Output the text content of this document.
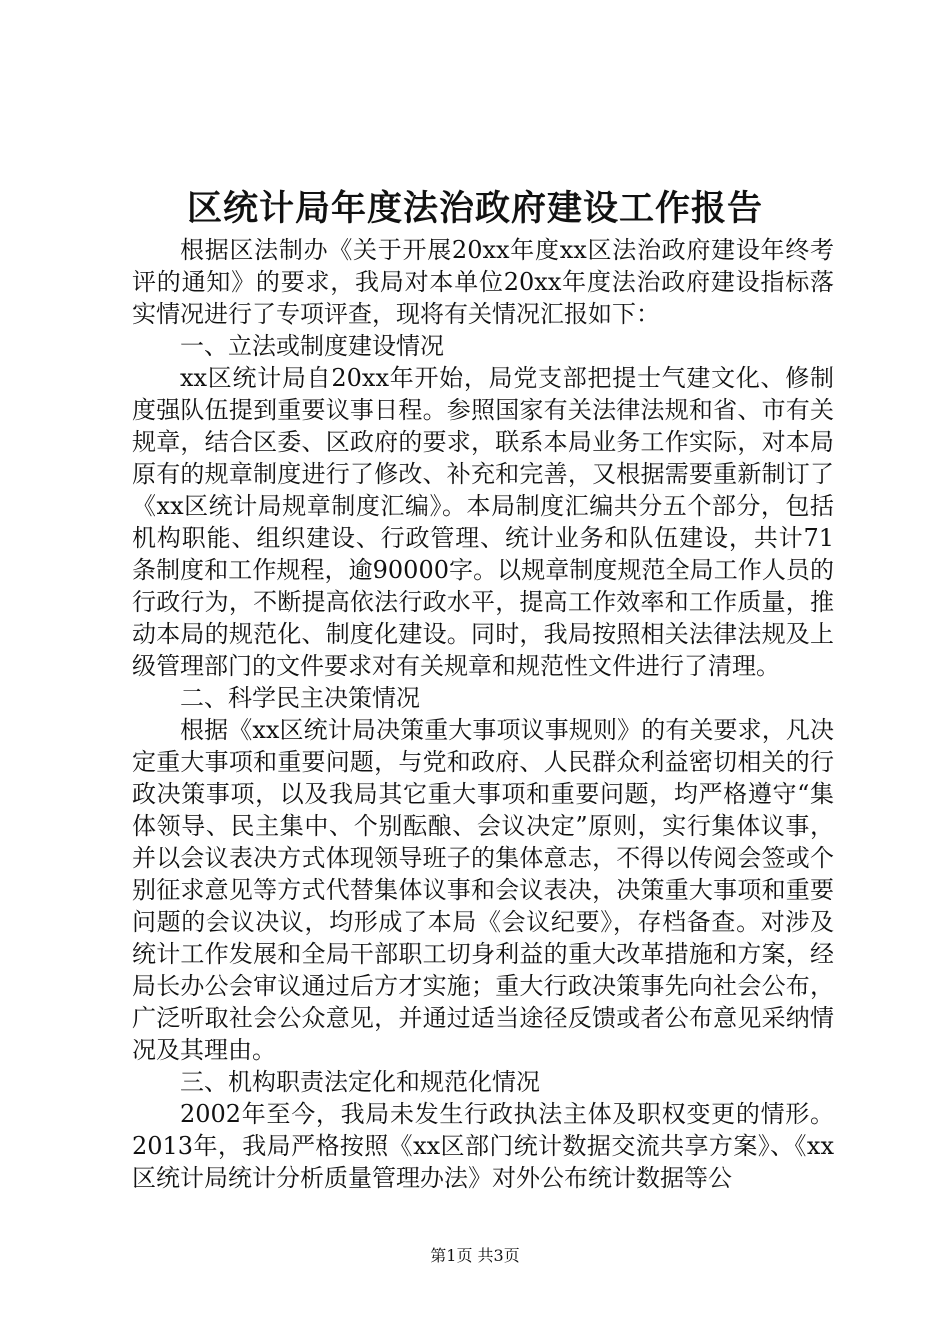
区统计局年度法治政府建设工作报告

根据区法制办《关于开展20xx年度xx区法治政府建设年终考评的通知》的要求，我局对本单位20xx年度法治政府建设指标落实情况进行了专项评查，现将有关情况汇报如下：

一、立法或制度建设情况

xx区统计局自20xx年开始，局党支部把提士气建文化、修制度强队伍提到重要议事日程。参照国家有关法律法规和省、市有关规章，结合区委、区政府的要求，联系本局业务工作实际，对本局原有的规章制度进行了修改、补充和完善，又根据需要重新制订了《xx区统计局规章制度汇编》。本局制度汇编共分五个部分，包括机构职能、组织建设、行政管理、统计业务和队伍建设，共计71条制度和工作规程，逾90000字。以规章制度规范全局工作人员的行政行为，不断提高依法行政水平，提高工作效率和工作质量，推动本局的规范化、制度化建设。同时，我局按照相关法律法规及上级管理部门的文件要求对有关规章和规范性文件进行了清理。

二、科学民主决策情况

根据《xx区统计局决策重大事项议事规则》的有关要求，凡决定重大事项和重要问题，与党和政府、人民群众利益密切相关的行政决策事项，以及我局其它重大事项和重要问题，均严格遵守“集体领导、民主集中、个别酝酿、会议决定”原则，实行集体议事，并以会议表决方式体现领导班子的集体意志，不得以传阅会签或个别征求意见等方式代替集体议事和会议表决，决策重大事项和重要问题的会议决议，均形成了本局《会议纪要》，存档备查。对涉及统计工作发展和全局干部职工切身利益的重大改革措施和方案，经局长办公会审议通过后方才实施；重大行政决策事先向社会公布，广泛听取社会公众意见，并通过适当途径反馈或者公布意见采纳情况及其理由。

三、机构职责法定化和规范化情况

2002年至今，我局未发生行政执法主体及职权变更的情形。2013年，我局严格按照《xx区部门统计数据交流共享方案》、《xx区统计局统计分析质量管理办法》对外公布统计数据等公

第1页 共3页
